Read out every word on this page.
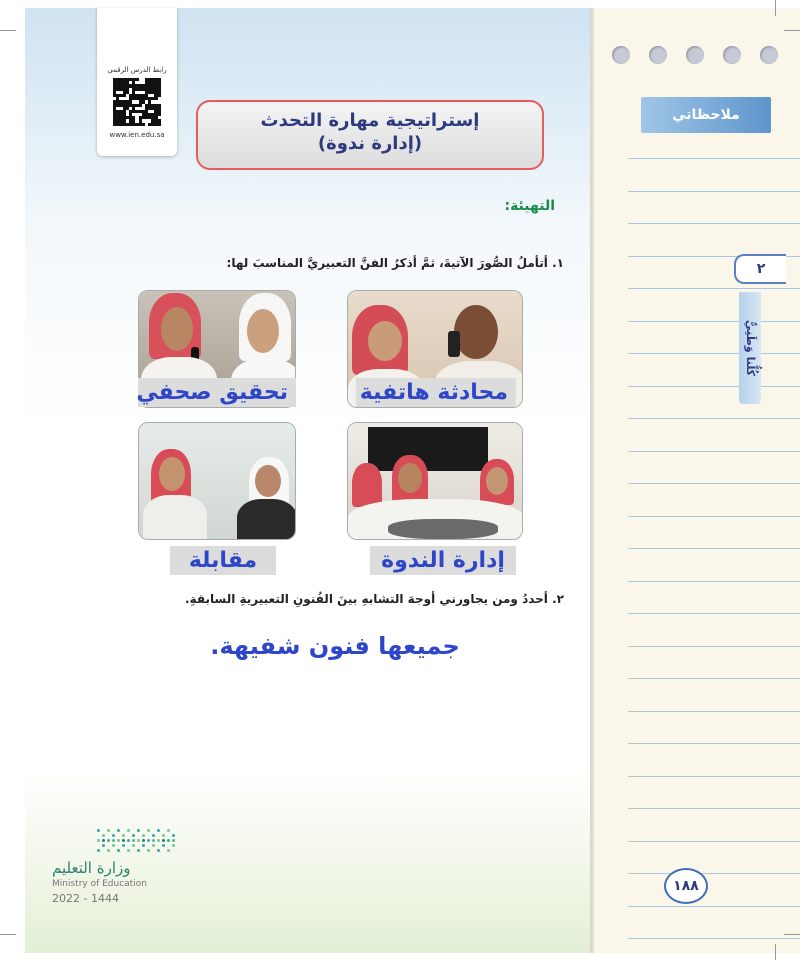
رابط الدرس الرقمي
www.ien.edu.sa
إستراتيجية مهارة التحدث
(إدارة ندوة)
التهيئة:
١. أتأملُ الصُّورَ الآتيةَ، ثمَّ أذكرُ الفنَّ التعبيريَّ المناسبَ لها:
محادثة هاتفية
تحقيق صحفي
إدارة الندوة
مقابلة
٢. أحددُ ومن يجاورني أوجهَ التشابهِ بينَ الفُنونِ التعبيريةِ السابقةِ.
جميعها فنون شفيهة.
وزارة التعليم
Ministry of Education
2022 - 1444
ملاحظاتي
٢
كُلُّنا وَطَنِيٌّ
١٨٨
